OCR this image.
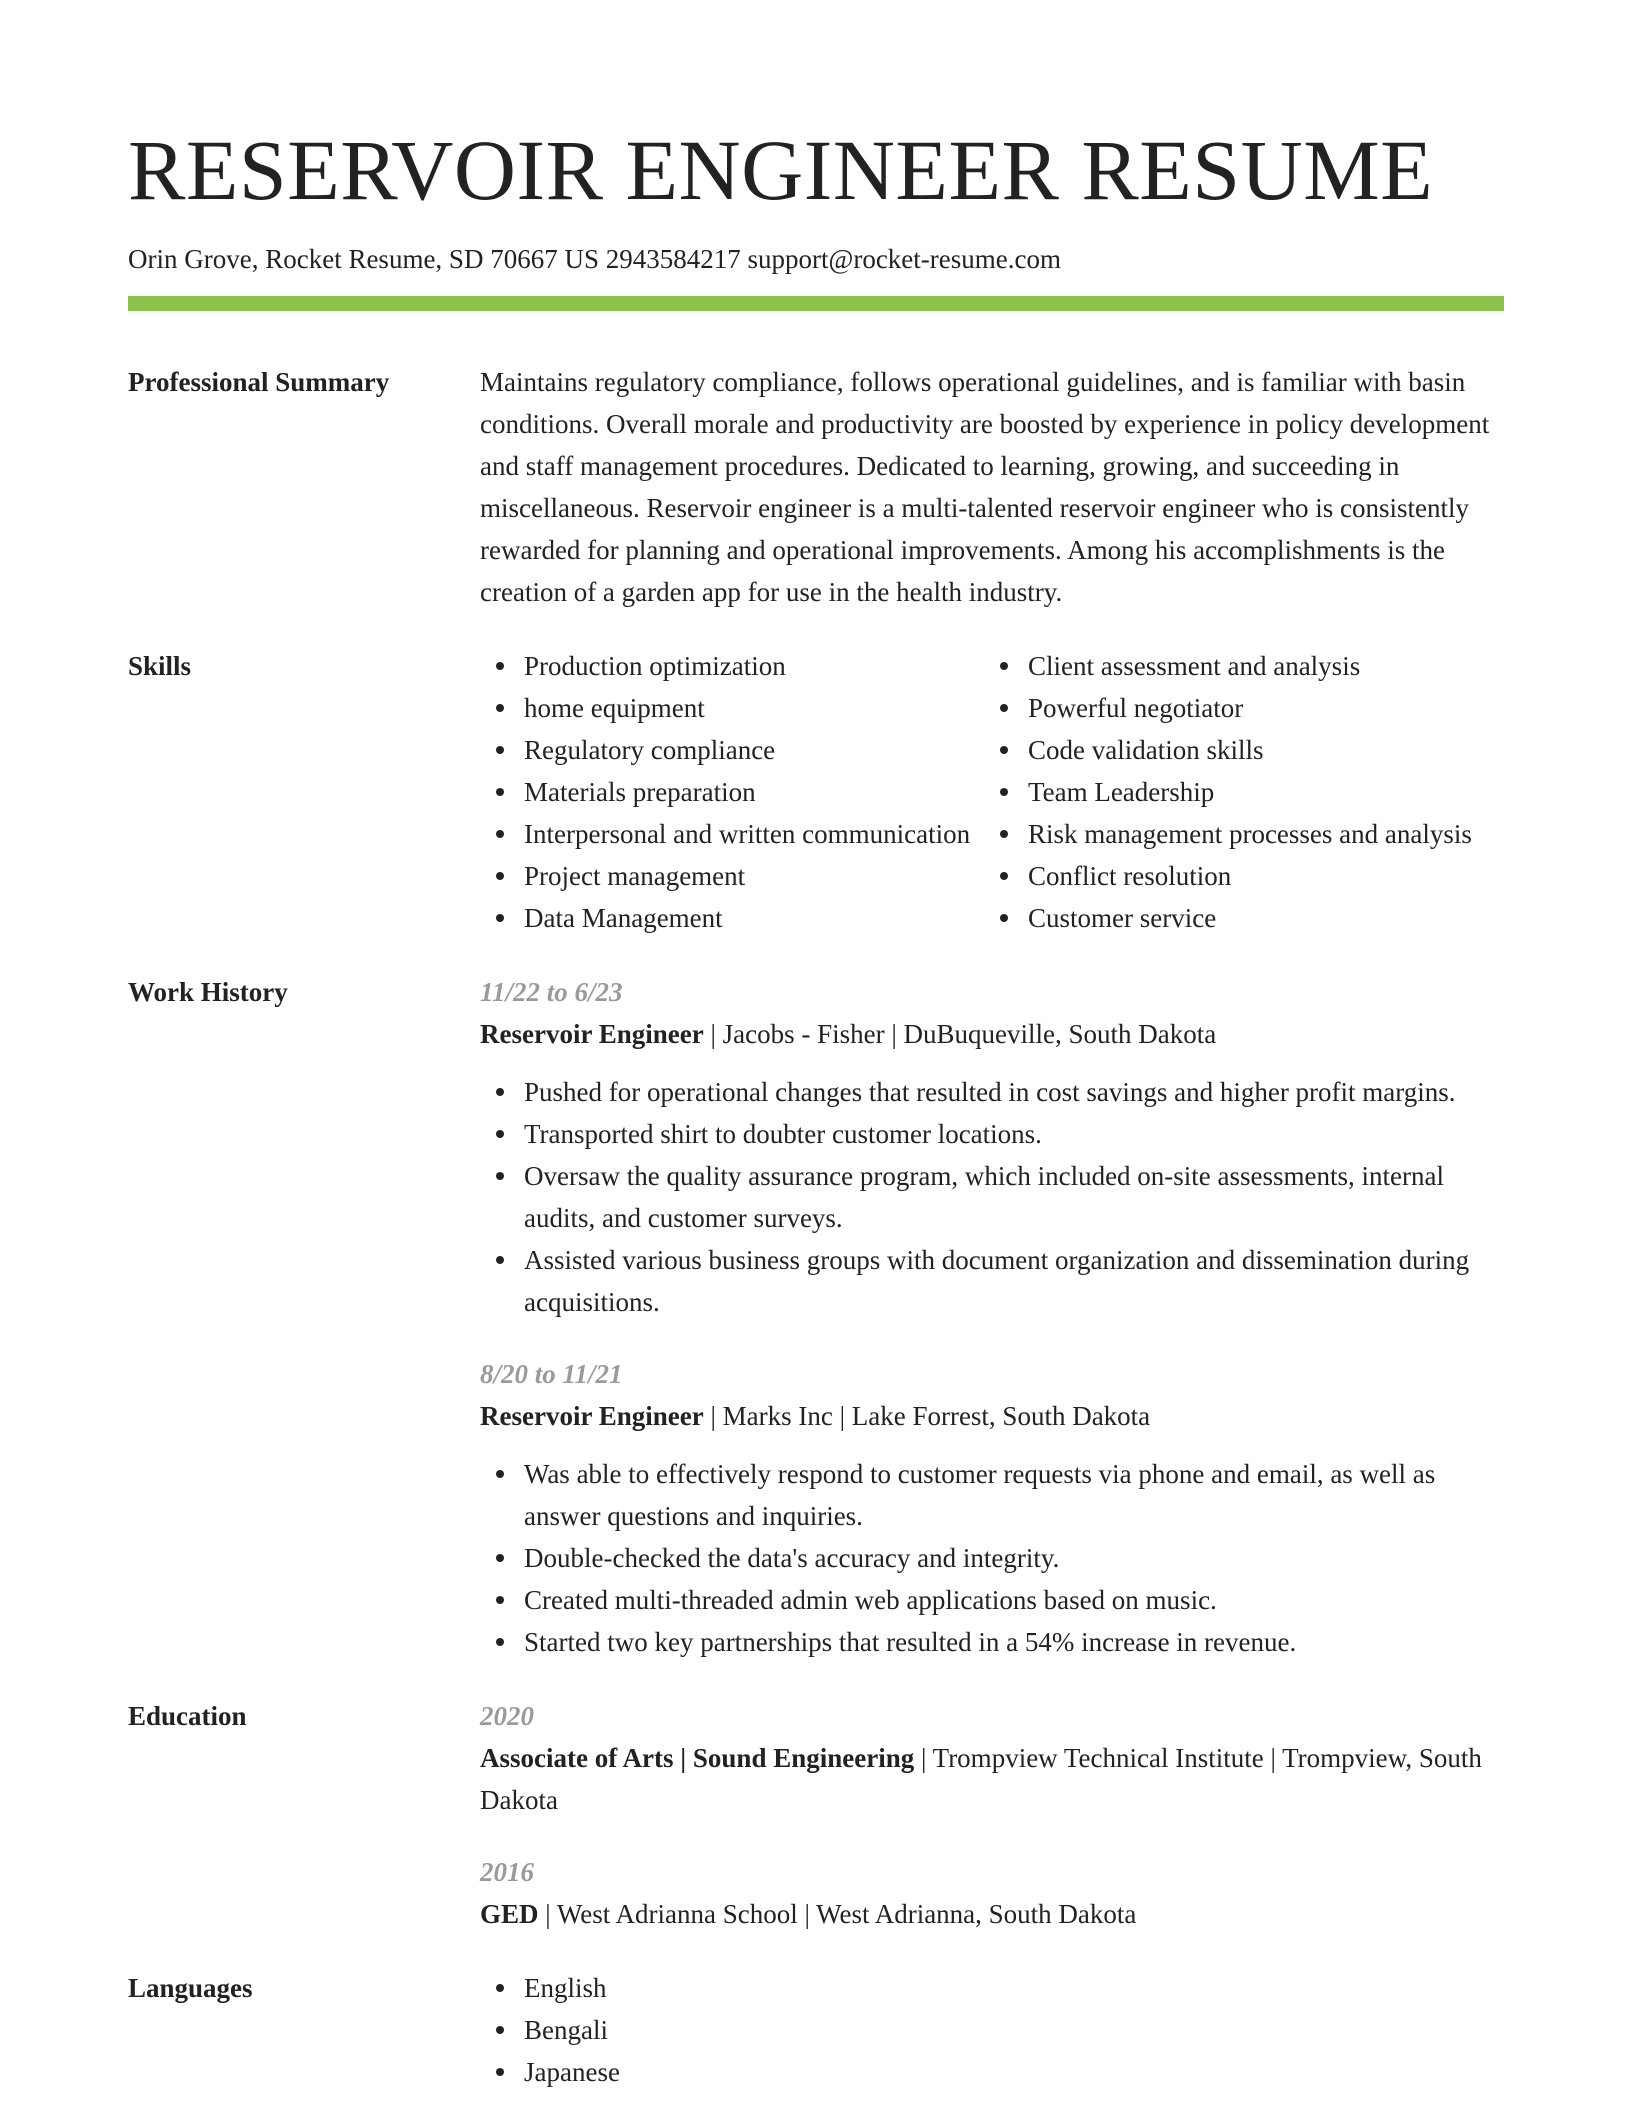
RESERVOIR ENGINEER RESUME
Orin Grove, Rocket Resume, SD 70667 US 2943584217 support@rocket-resume.com
Professional Summary	Maintains regulatory compliance, follows operational guidelines, and is familiar with basin conditions. Overall morale and productivity are boosted by experience in policy development and staff management procedures. Dedicated to learning, growing, and succeeding in miscellaneous. Reservoir engineer is a multi-talented reservoir engineer who is consistently rewarded for planning and operational improvements. Among his accomplishments is the creation of a garden app for use in the health industry.

Skills	Production optimization
home equipment
Regulatory compliance
Materials preparation
Interpersonal and written communication
Project management
Data Management
Client assessment and analysis
Powerful negotiator
Code validation skills
Team Leadership
Risk management processes and analysis
Conflict resolution
Customer service
Work History	11/22 to 6/23
Reservoir Engineer | Jacobs - Fisher | DuBuqueville, South Dakota
Pushed for operational changes that resulted in cost savings and higher profit margins.
Transported shirt to doubter customer locations.
Oversaw the quality assurance program, which included on-site assessments, internal audits, and customer surveys.
Assisted various business groups with document organization and dissemination during acquisitions.
8/20 to 11/21
Reservoir Engineer | Marks Inc | Lake Forrest, South Dakota
Was able to effectively respond to customer requests via phone and email, as well as answer questions and inquiries.
Double-checked the data's accuracy and integrity.
Created multi-threaded admin web applications based on music.
Started two key partnerships that resulted in a 54% increase in revenue.
Education	2020
Associate of Arts | Sound Engineering | Trompview Technical Institute | Trompview, South Dakota
2016
GED | West Adrianna School | West Adrianna, South Dakota
Languages	English
Bengali
Japanese
